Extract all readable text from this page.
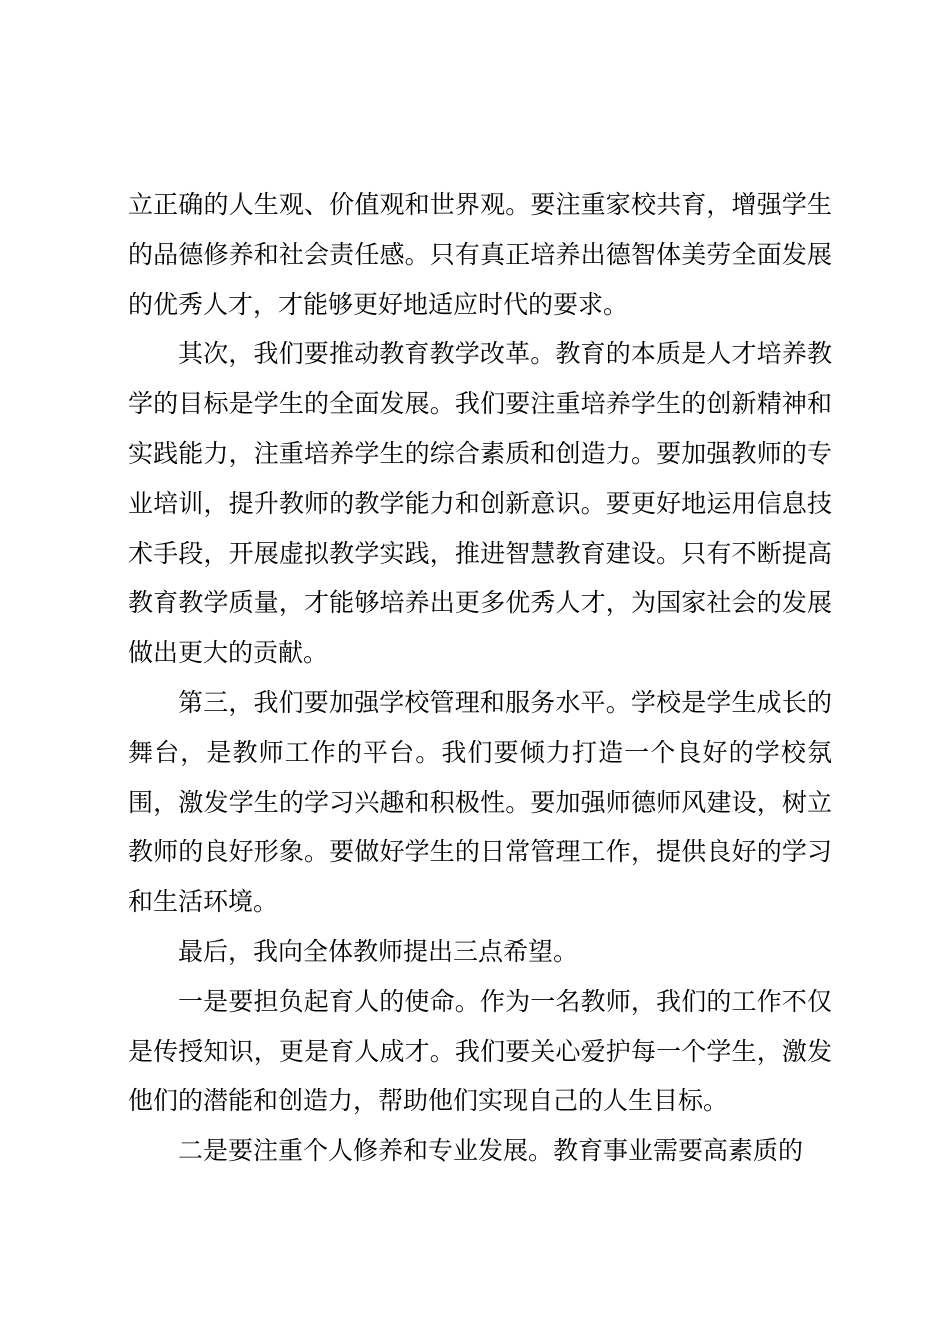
立正确的人生观、价值观和世界观。要注重家校共育，增强学生的品德修养和社会责任感。只有真正培养出德智体美劳全面发展的优秀人才，才能够更好地适应时代的要求。

其次，我们要推动教育教学改革。教育的本质是人才培养教学的目标是学生的全面发展。我们要注重培养学生的创新精神和实践能力，注重培养学生的综合素质和创造力。要加强教师的专业培训，提升教师的教学能力和创新意识。要更好地运用信息技术手段，开展虚拟教学实践，推进智慧教育建设。只有不断提高教育教学质量，才能够培养出更多优秀人才，为国家社会的发展做出更大的贡献。

第三，我们要加强学校管理和服务水平。学校是学生成长的舞台，是教师工作的平台。我们要倾力打造一个良好的学校氛围，激发学生的学习兴趣和积极性。要加强师德师风建设，树立教师的良好形象。要做好学生的日常管理工作，提供良好的学习和生活环境。

最后，我向全体教师提出三点希望。

一是要担负起育人的使命。作为一名教师，我们的工作不仅是传授知识，更是育人成才。我们要关心爱护每一个学生，激发他们的潜能和创造力，帮助他们实现自己的人生目标。

二是要注重个人修养和专业发展。教育事业需要高素质的
